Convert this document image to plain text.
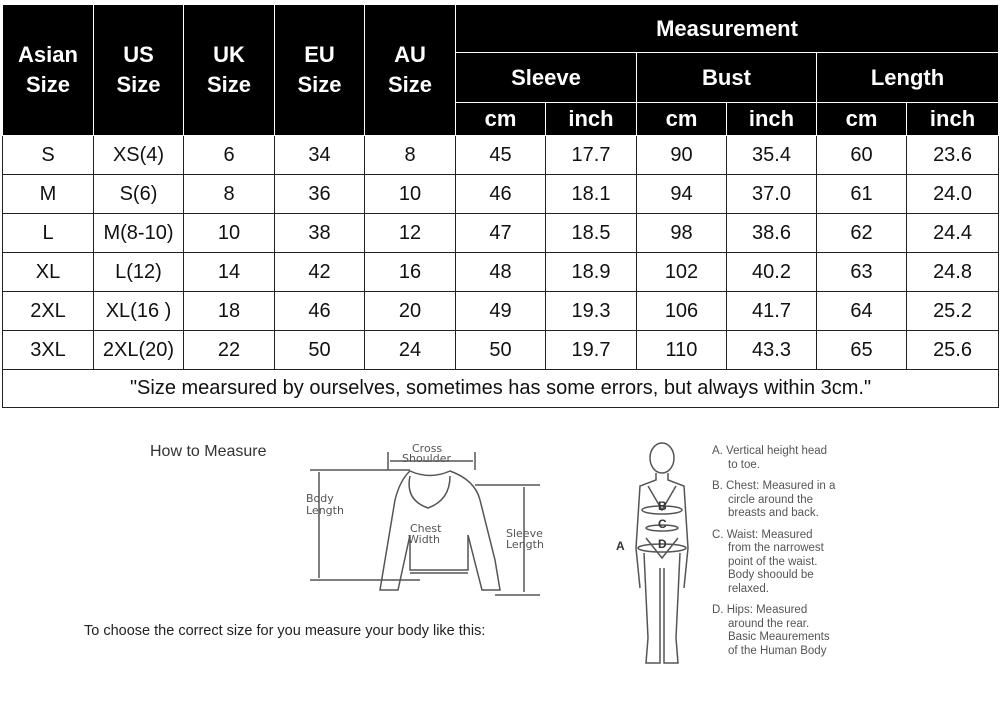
Asian Size	US Size	UK Size	EU Size	AU Size	Measurement					
					Sleeve		Bust		Length	
					cm	inch	cm	inch	cm	inch
S	XS(4)	6	34	8	45	17.7	90	35.4	60	23.6
M	S(6)	8	36	10	46	18.1	94	37.0	61	24.0
L	M(8-10)	10	38	12	47	18.5	98	38.6	62	24.4
XL	L(12)	14	42	16	48	18.9	102	40.2	63	24.8
2XL	XL(16 )	18	46	20	49	19.3	106	41.7	64	25.2
3XL	2XL(20)	22	50	24	50	19.7	110	43.3	65	25.6
"Size mearsured by ourselves, sometimes has some errors, but always within 3cm."										
How to Measure	Cross
Shoulder
Body
Length
Chest
Width	Sleeve
Length
To choose the correct size for you measure your body like this:
B
C
D
A
A. Vertical height head
to toe.
B. Chest: Measured in a
circle around the
breasts and back.
C. Waist: Measured
from the narrowest
point of the waist.
Body shoould be
relaxed.
D. Hips: Measured
around the rear.
Basic Meaurements
of the Human Body
